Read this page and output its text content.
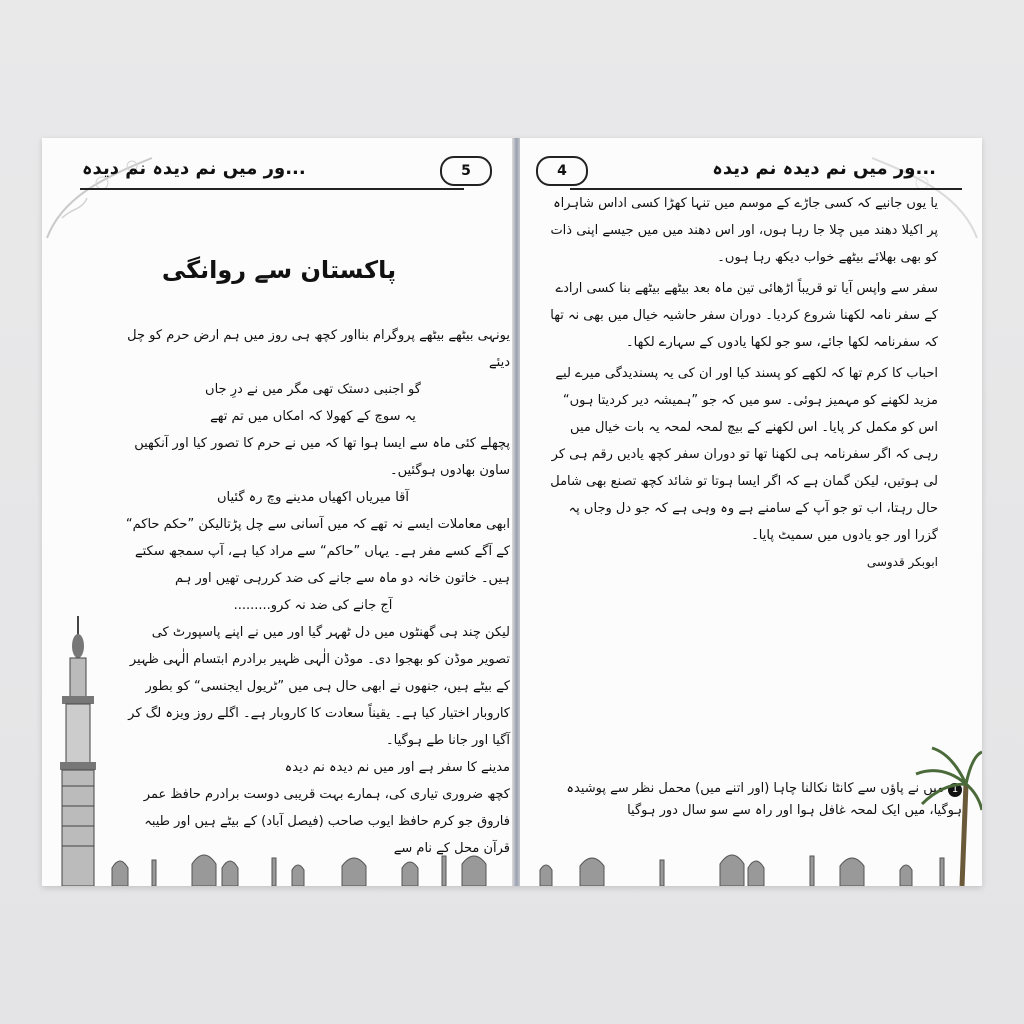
...ور میں نم دیدہ نم دیدہ	5
پاکستان سے روانگی

یونہی بیٹھے بیٹھے پروگرام بنااور کچھ ہی روز میں ہم ارض حرم کو چل دیئے

گو اجنبی دستک تھی مگر میں نے درِ جاں

یہ سوچ کے کھولا کہ امکاں میں تم تھے

پچھلے کئی ماہ سے ایسا ہوا تھا کہ میں نے حرم کا تصور کیا اور آنکھیں ساون بھادوں ہوگئیں۔

آقا میریاں اکھیاں مدینے وچ رہ گئیاں

ابھی معاملات ایسے نہ تھے کہ میں آسانی سے چل پڑتالیکن ”حکم حاکم“ کے آگے کسے مفر ہے۔ یہاں ”حاکم“ سے مراد کیا ہے، آپ سمجھ سکتے ہیں۔ خاتون خانہ دو ماہ سے جانے کی ضد کررہی تھیں اور ہم

آج جانے کی ضد نہ کرو.........

لیکن چند ہی گھنٹوں میں دل ٹھہر گیا اور میں نے اپنے پاسپورٹ کی تصویر موڈن کو بھجوا دی۔ موڈن الٰہی ظہیر برادرم ابتسام الٰہی ظہیر کے بیٹے ہیں، جنھوں نے ابھی حال ہی میں ”ٹریول ایجنسی“ کو بطور کاروبار اختیار کیا ہے۔ یقیناً سعادت کا کاروبار ہے۔ اگلے روز ویزہ لگ کر آگیا اور جانا طے ہوگیا۔

مدینے کا سفر ہے اور میں نم دیدہ نم دیدہ

کچھ ضروری تیاری کی، ہمارے بہت قریبی دوست برادرم حافظ عمر فاروق جو کرم حافظ ایوب صاحب (فیصل آباد) کے بیٹے ہیں اور طیبہ قرآن محل کے نام سے

4	...ور میں نم دیدہ نم دیدہ

یا یوں جانیے کہ کسی جاڑے کے موسم میں تنہا کھڑا کسی اداس شاہراہ پر اکیلا دھند میں چلا جا رہا ہوں، اور اس دھند میں میں جیسے اپنی ذات کو بھی بھلائے بیٹھے خواب دیکھ رہا ہوں۔

سفر سے واپس آیا تو قریباً اڑھائی تین ماہ بعد بیٹھے بیٹھے بنا کسی ارادے کے سفر نامہ لکھنا شروع کردیا۔ دوران سفر حاشیہ خیال میں بھی نہ تھا کہ سفرنامہ لکھا جائے، سو جو لکھا یادوں کے سہارے لکھا۔

احباب کا کرم تھا کہ لکھے کو پسند کیا اور ان کی یہ پسندیدگی میرے لیے مزید لکھنے کو مہمیز ہوئی۔ سو میں کہ جو ”ہمیشہ دیر کردیتا ہوں“

اس کو مکمل کر پایا۔ اس لکھنے کے بیچ لمحہ لمحہ یہ بات خیال میں رہی کہ اگر سفرنامہ ہی لکھنا تھا تو دوران سفر کچھ یادیں رقم ہی کر لی ہوتیں، لیکن گمان ہے کہ اگر ایسا ہوتا تو شائد کچھ تصنع بھی شامل حال رہتا، اب تو جو آپ کے سامنے ہے وہ وہی ہے کہ جو دل وجاں پہ گزرا اور جو یادوں میں سمیٹ پایا۔

ابوبکر قدوسی

1میں نے پاؤں سے کانٹا نکالنا چاہا (اور اتنے میں) محمل نظر سے پوشیدہ ہوگیا، میں ایک لمحہ غافل ہوا اور راہ سے سو سال دور ہوگیا
